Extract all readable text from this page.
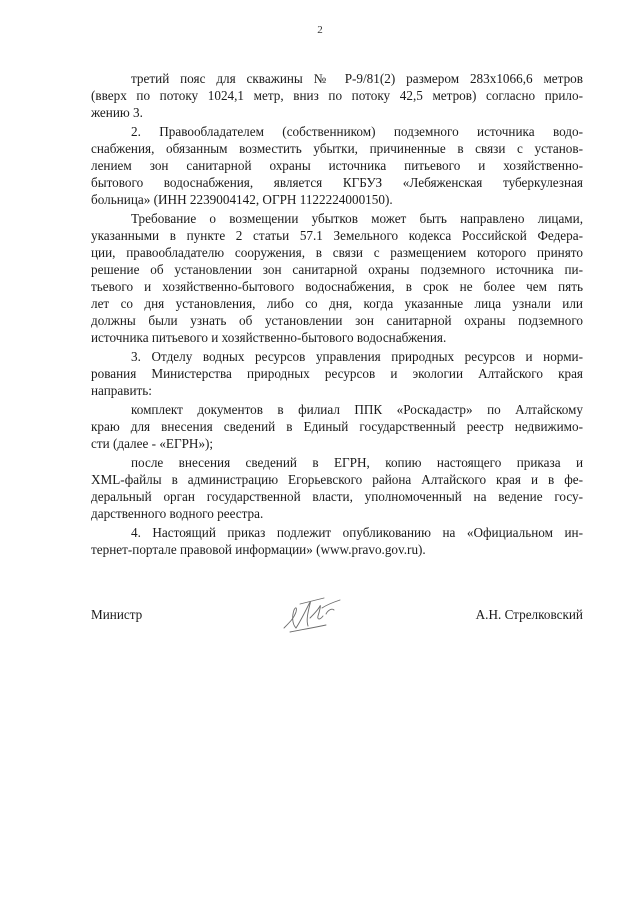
2
третий пояс для скважины № Р-9/81(2) размером 283x1066,6 метров
(вверх по потоку 1024,1 метр, вниз по потоку 42,5 метров) согласно прило-
жению 3.
2. Правообладателем (собственником) подземного источника водо-
снабжения, обязанным возместить убытки, причиненные в связи с установ-
лением зон санитарной охраны источника питьевого и хозяйственно-
бытового водоснабжения, является КГБУЗ «Лебяженская туберкулезная
больница» (ИНН 2239004142, ОГРН 1122224000150).
Требование о возмещении убытков может быть направлено лицами,
указанными в пункте 2 статьи 57.1 Земельного кодекса Российской Федера-
ции, правообладателю сооружения, в связи с размещением которого принято
решение об установлении зон санитарной охраны подземного источника пи-
тьевого и хозяйственно-бытового водоснабжения, в срок не более чем пять
лет со дня установления, либо со дня, когда указанные лица узнали или
должны были узнать об установлении зон санитарной охраны подземного
источника питьевого и хозяйственно-бытового водоснабжения.
3. Отделу водных ресурсов управления природных ресурсов и норми-
рования Министерства природных ресурсов и экологии Алтайского края
направить:
комплект документов в филиал ППК «Роскадастр» по Алтайскому
краю для внесения сведений в Единый государственный реестр недвижимо-
сти (далее - «ЕГРН»);
после внесения сведений в ЕГРН, копию настоящего приказа и
XML-файлы в администрацию Егорьевского района Алтайского края и в фе-
деральный орган государственной власти, уполномоченный на ведение госу-
дарственного водного реестра.
4. Настоящий приказ подлежит опубликованию на «Официальном ин-
тернет-портале правовой информации» (www.pravo.gov.ru).
Министр	А.Н. Стрелковский
